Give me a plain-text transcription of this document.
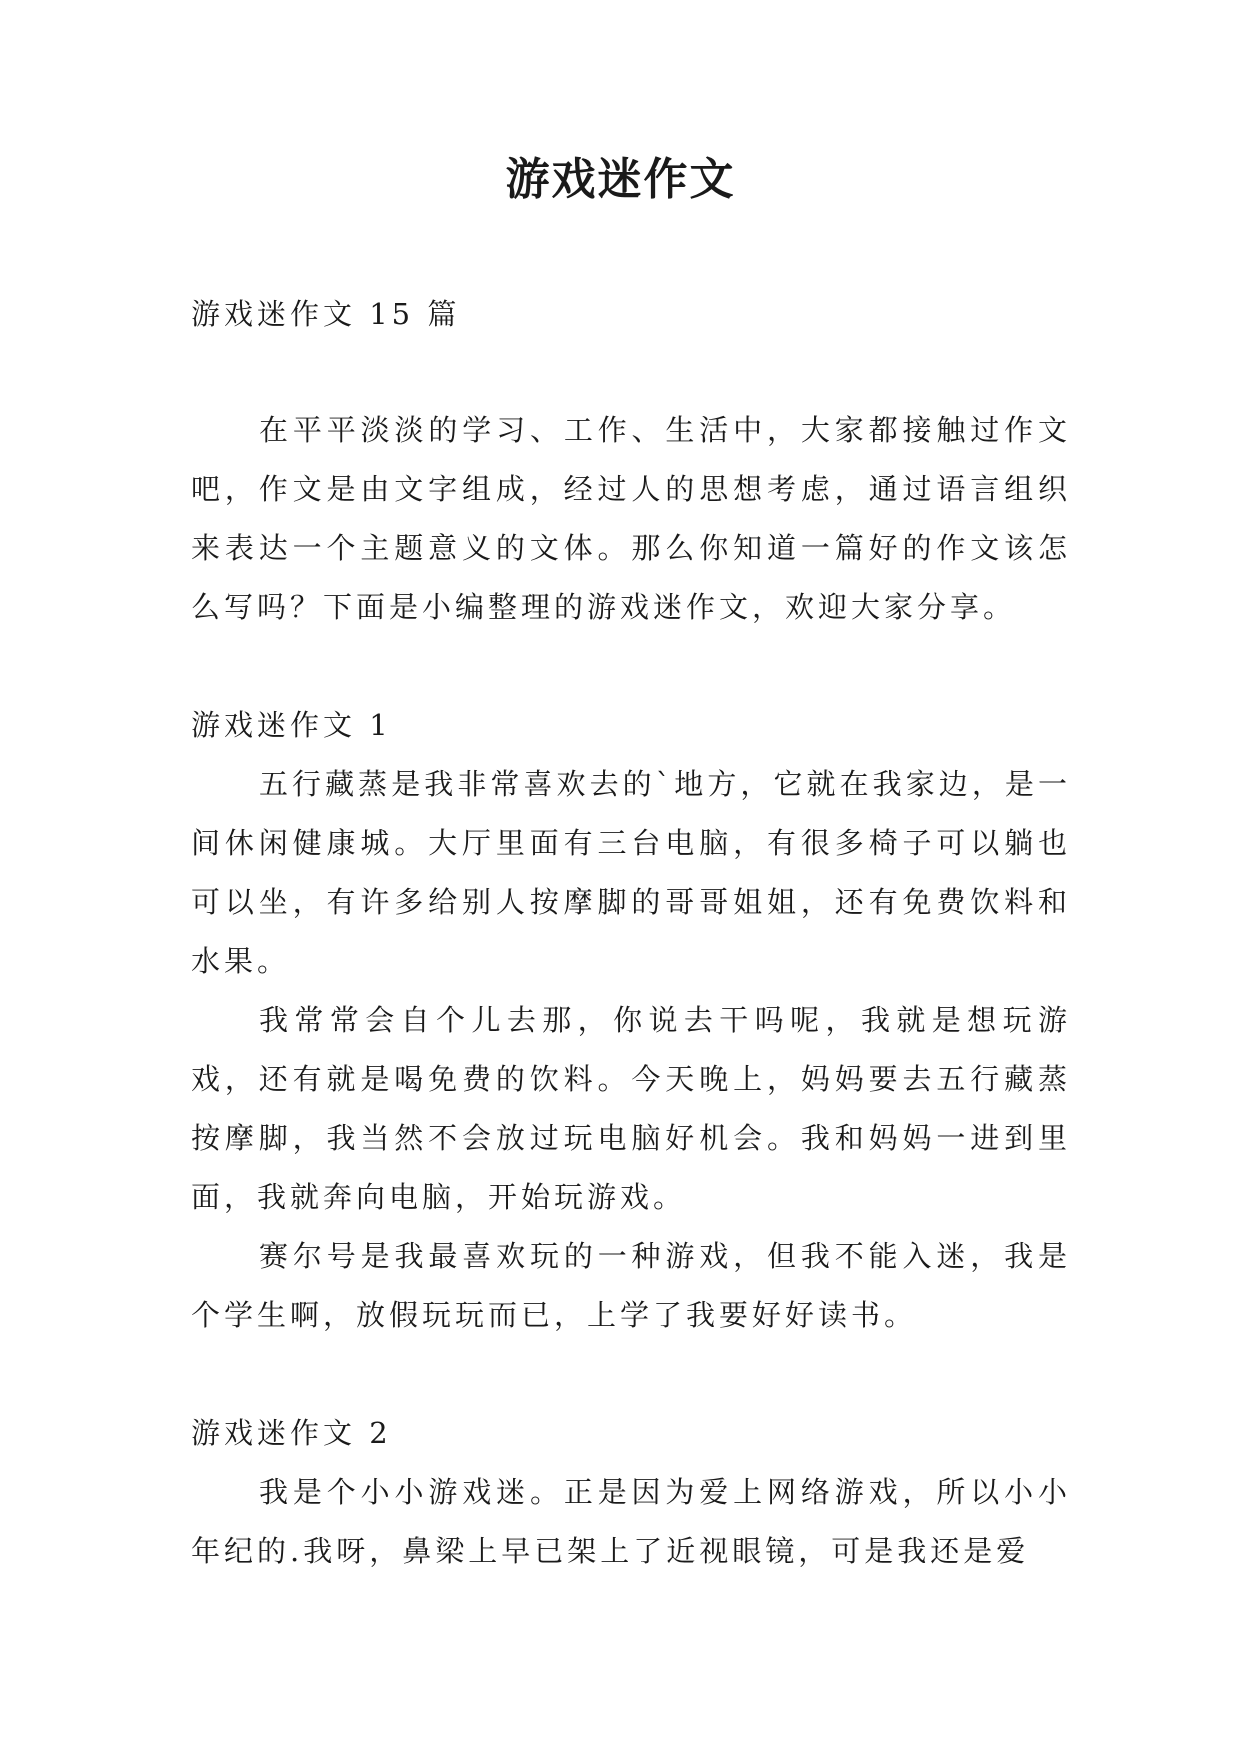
游戏迷作文

游戏迷作文 15 篇

在平平淡淡的学习、工作、生活中，大家都接触过作文吧，作文是由文字组成，经过人的思想考虑，通过语言组织来表达一个主题意义的文体。那么你知道一篇好的作文该怎么写吗？下面是小编整理的游戏迷作文，欢迎大家分享。

游戏迷作文 1

五行藏蒸是我非常喜欢去的`地方，它就在我家边，是一间休闲健康城。大厅里面有三台电脑，有很多椅子可以躺也可以坐，有许多给别人按摩脚的哥哥姐姐，还有免费饮料和水果。

我常常会自个儿去那，你说去干吗呢，我就是想玩游戏，还有就是喝免费的饮料。今天晚上，妈妈要去五行藏蒸按摩脚，我当然不会放过玩电脑好机会。我和妈妈一进到里面，我就奔向电脑，开始玩游戏。

赛尔号是我最喜欢玩的一种游戏，但我不能入迷，我是个学生啊，放假玩玩而已，上学了我要好好读书。

游戏迷作文 2

我是个小小游戏迷。正是因为爱上网络游戏，所以小小年纪的.我呀，鼻梁上早已架上了近视眼镜，可是我还是爱
